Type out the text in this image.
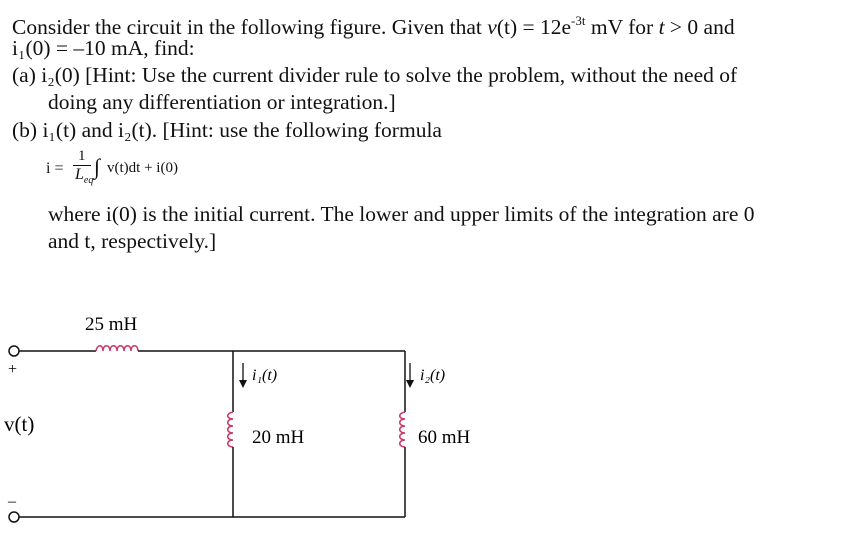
Consider the circuit in the following figure. Given that $v(t) = 12e^{-3t}$ mV for t > 0 and
i₁(0) = –10 mA, find:
(a) i₂(0) [Hint: Use the current divider rule to solve the problem, without the need of
doing any differentiation or integration.]
(b) i₁(t) and i₂(t). [Hint: use the following formula
i =
1
$L_{eq}$
∫ v(t)dt + i(0)
where i(0) is the initial current. The lower and upper limits of the integration are 0
and t, respectively.]
+
–
v(t)
25 mH
20 mH
i₁(t)
60 mH
i₂(t)
